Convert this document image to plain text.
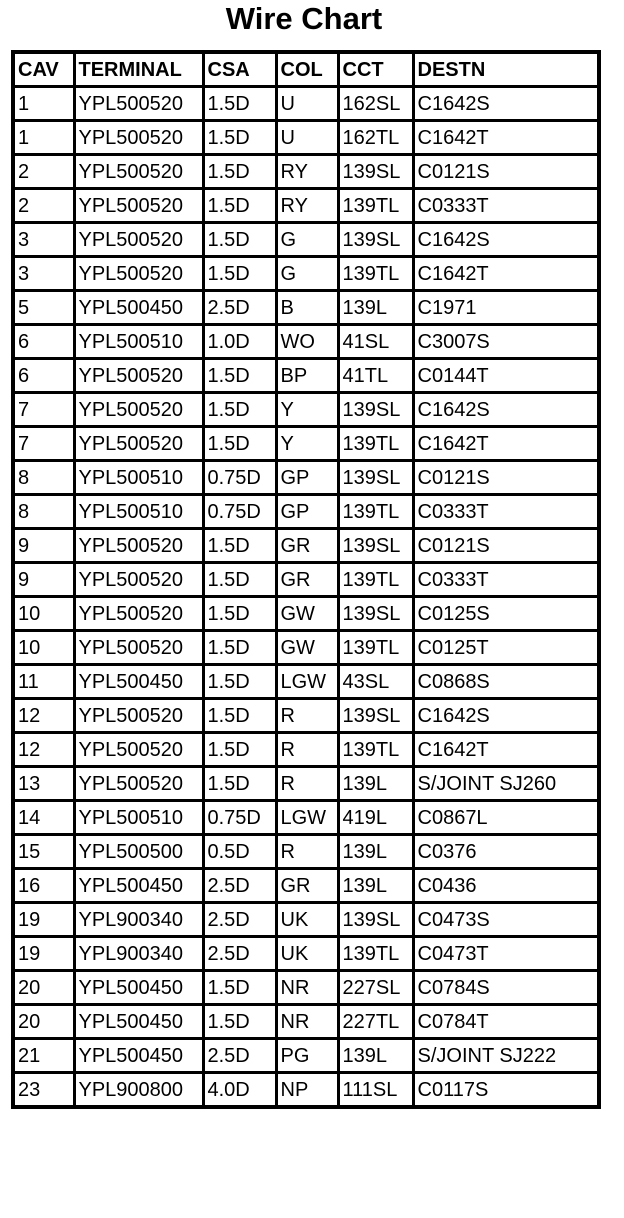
Wire Chart
CAV	TERMINAL	CSA	COL	CCT	DESTN
1	YPL500520	1.5D	U	162SL	C1642S
1	YPL500520	1.5D	U	162TL	C1642T
2	YPL500520	1.5D	RY	139SL	C0121S
2	YPL500520	1.5D	RY	139TL	C0333T
3	YPL500520	1.5D	G	139SL	C1642S
3	YPL500520	1.5D	G	139TL	C1642T
5	YPL500450	2.5D	B	139L	C1971
6	YPL500510	1.0D	WO	41SL	C3007S
6	YPL500520	1.5D	BP	41TL	C0144T
7	YPL500520	1.5D	Y	139SL	C1642S
7	YPL500520	1.5D	Y	139TL	C1642T
8	YPL500510	0.75D	GP	139SL	C0121S
8	YPL500510	0.75D	GP	139TL	C0333T
9	YPL500520	1.5D	GR	139SL	C0121S
9	YPL500520	1.5D	GR	139TL	C0333T
10	YPL500520	1.5D	GW	139SL	C0125S
10	YPL500520	1.5D	GW	139TL	C0125T
11	YPL500450	1.5D	LGW	43SL	C0868S
12	YPL500520	1.5D	R	139SL	C1642S
12	YPL500520	1.5D	R	139TL	C1642T
13	YPL500520	1.5D	R	139L	S/JOINT SJ260
14	YPL500510	0.75D	LGW	419L	C0867L
15	YPL500500	0.5D	R	139L	C0376
16	YPL500450	2.5D	GR	139L	C0436
19	YPL900340	2.5D	UK	139SL	C0473S
19	YPL900340	2.5D	UK	139TL	C0473T
20	YPL500450	1.5D	NR	227SL	C0784S
20	YPL500450	1.5D	NR	227TL	C0784T
21	YPL500450	2.5D	PG	139L	S/JOINT SJ222
23	YPL900800	4.0D	NP	111SL	C0117S
